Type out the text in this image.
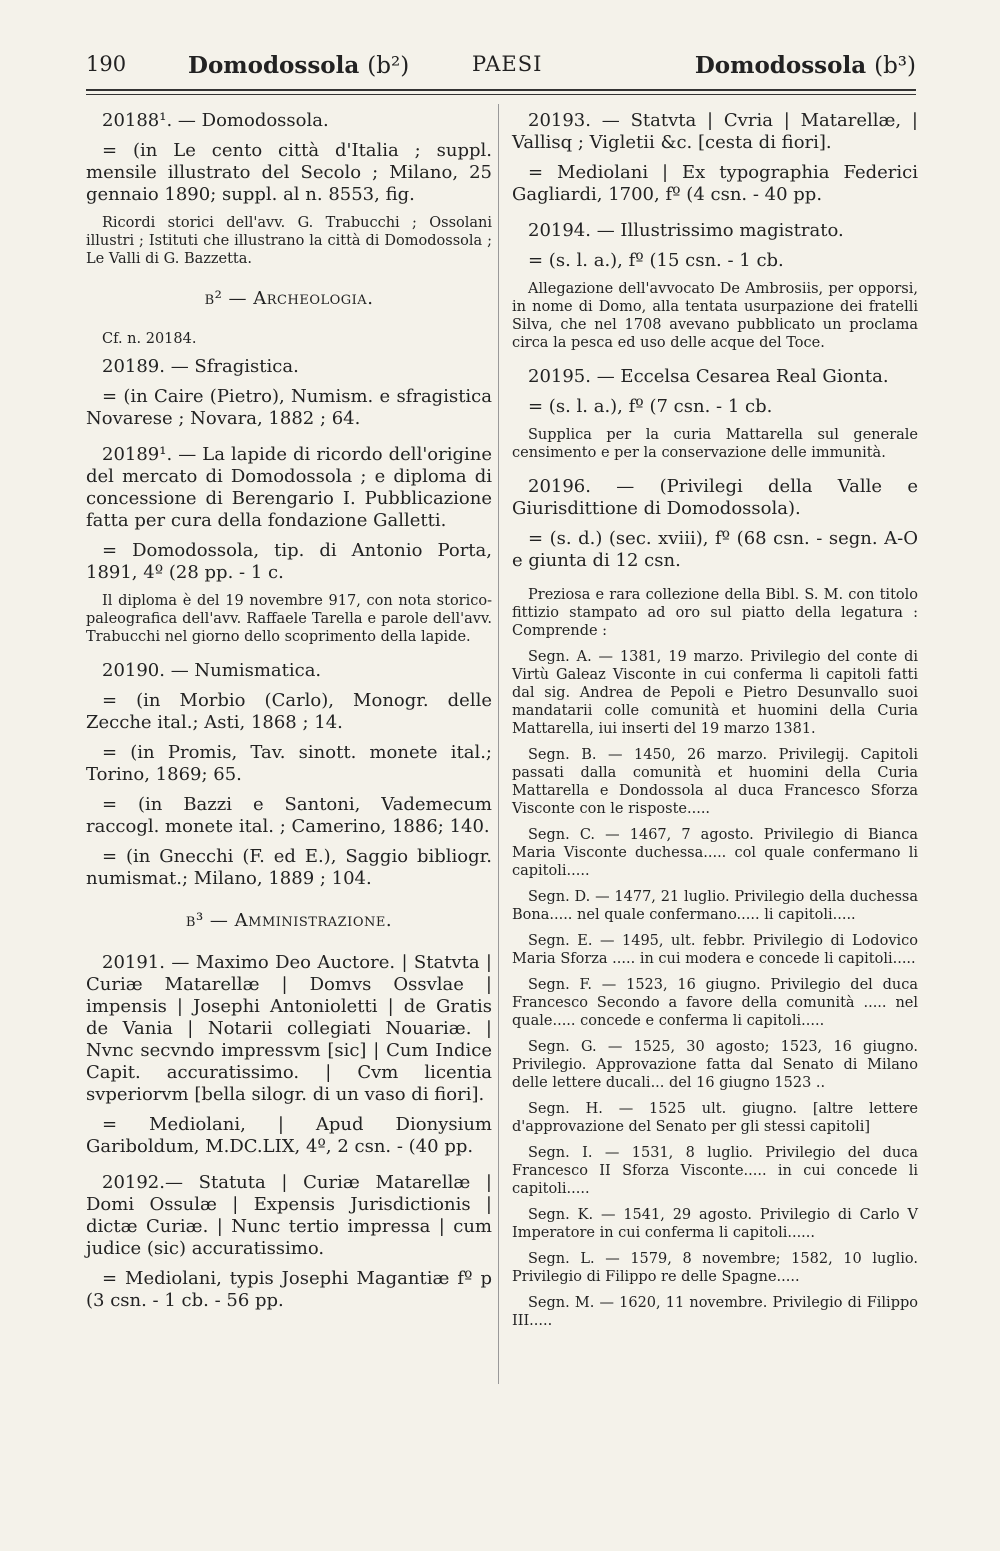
190	Domodossola (b²)	PAESI	Domodossola (b³)

20188¹. — Domodossola.

= (in Le cento città d'Italia ; suppl. mensile illustrato del Secolo ; Milano, 25 gennaio 1890; suppl. al n. 8553, fig.

Ricordi storici dell'avv. G. Trabucchi ; Ossolani illustri ; Istituti che illustrano la città di Domodossola ; Le Valli di G. Bazzetta.

b² — Archeologia.

Cf. n. 20184.

20189. — Sfragistica.

= (in Caire (Pietro), Numism. e sfragistica Novarese ; Novara, 1882 ; 64.

20189¹. — La lapide di ricordo dell'origine del mercato di Domodossola ; e diploma di concessione di Berengario I. Pubblicazione fatta per cura della fondazione Galletti.

= Domodossola, tip. di Antonio Porta, 1891, 4º (28 pp. - 1 c.

Il diploma è del 19 novembre 917, con nota storico-paleografica dell'avv. Raffaele Tarella e parole dell'avv. Trabucchi nel giorno dello scoprimento della lapide.

20190. — Numismatica.

= (in Morbio (Carlo), Monogr. delle Zecche ital.; Asti, 1868 ; 14.

= (in Promis, Tav. sinott. monete ital.; Torino, 1869; 65.

= (in Bazzi e Santoni, Vademecum raccogl. monete ital. ; Camerino, 1886; 140.

= (in Gnecchi (F. ed E.), Saggio bibliogr. numismat.; Milano, 1889 ; 104.

b³ — Amministrazione.

20191. — Maximo Deo Auctore. | Statvta | Curiæ Matarellæ | Domvs Ossvlae | impensis | Josephi Antonioletti | de Gratis de Vania | Notarii collegiati Nouariæ. | Nvnc secvndo impressvm [sic] | Cum Indice Capit. accuratissimo. | Cvm licentia svperiorvm [bella silogr. di un vaso di fiori].

= Mediolani, | Apud Dionysium Gariboldum, M.DC.LIX, 4º, 2 csn. - (40 pp.

20192.— Statuta | Curiæ Matarellæ | Domi Ossulæ | Expensis Jurisdictionis | dictæ Curiæ. | Nunc tertio impressa | cum judice (sic) accuratissimo.

= Mediolani, typis Josephi Magantiæ fº p (3 csn. - 1 cb. - 56 pp.

20193. — Statvta | Cvria | Matarellæ, | Vallisq ; Vigletii &c. [cesta di fiori].

= Mediolani | Ex typographia Federici Gagliardi, 1700, fº (4 csn. - 40 pp.

20194. — Illustrissimo magistrato.

= (s. l. a.), fº (15 csn. - 1 cb.

Allegazione dell'avvocato De Ambrosiis, per opporsi, in nome di Domo, alla tentata usurpazione dei fratelli Silva, che nel 1708 avevano pubblicato un proclama circa la pesca ed uso delle acque del Toce.

20195. — Eccelsa Cesarea Real Gionta.

= (s. l. a.), fº (7 csn. - 1 cb.

Supplica per la curia Mattarella sul generale censimento e per la conservazione delle immunità.

20196. — (Privilegi della Valle e Giurisdittione di Domodossola).

= (s. d.) (sec. xviii), fº (68 csn. - segn. A-O e giunta di 12 csn.

Preziosa e rara collezione della Bibl. S. M. con titolo fittizio stampato ad oro sul piatto della legatura : Comprende :

Segn. A. — 1381, 19 marzo. Privilegio del conte di Virtù Galeaz Visconte in cui conferma li capitoli fatti dal sig. Andrea de Pepoli e Pietro Desunvallo suoi mandatarii colle comunità et huomini della Curia Mattarella, iui inserti del 19 marzo 1381.

Segn. B. — 1450, 26 marzo. Privilegij. Capitoli passati dalla comunità et huomini della Curia Mattarella e Dondossola al duca Francesco Sforza Visconte con le risposte.....

Segn. C. — 1467, 7 agosto. Privilegio di Bianca Maria Visconte duchessa..... col quale confermano li capitoli.....

Segn. D. — 1477, 21 luglio. Privilegio della duchessa Bona..... nel quale confermano..... li capitoli.....

Segn. E. — 1495, ult. febbr. Privilegio di Lodovico Maria Sforza ..... in cui modera e concede li capitoli.....

Segn. F. — 1523, 16 giugno. Privilegio del duca Francesco Secondo a favore della comunità ..... nel quale..... concede e conferma li capitoli.....

Segn. G. — 1525, 30 agosto; 1523, 16 giugno. Privilegio. Approvazione fatta dal Senato di Milano delle lettere ducali... del 16 giugno 1523 ..

Segn. H. — 1525 ult. giugno. [altre lettere d'approvazione del Senato per gli stessi capitoli]

Segn. I. — 1531, 8 luglio. Privilegio del duca Francesco II Sforza Visconte..... in cui concede li capitoli.....

Segn. K. — 1541, 29 agosto. Privilegio di Carlo V Imperatore in cui conferma li capitoli......

Segn. L. — 1579, 8 novembre; 1582, 10 luglio. Privilegio di Filippo re delle Spagne.....

Segn. M. — 1620, 11 novembre. Privilegio di Filippo III.....
